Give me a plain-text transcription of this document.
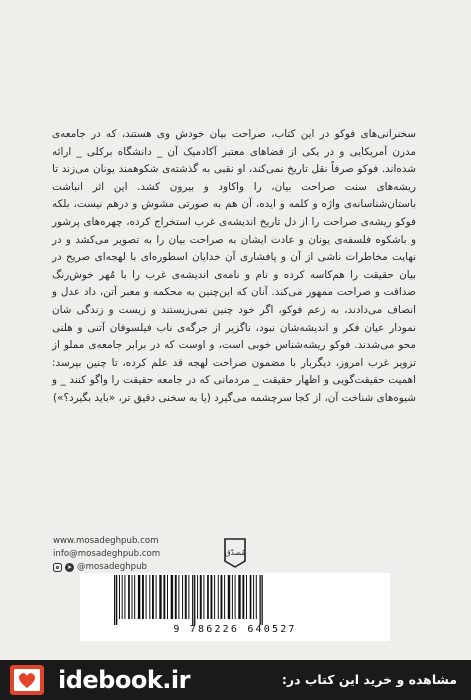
سخنرانی‌های فوکو در این کتاب، صراحت بیان خودش وی هستند، که در جامعه‌ی مدرن آمریکایی و در یکی از فضاهای معتبر آکادمیک آن _ دانشگاه برکلی _ ارائه شده‌اند. فوکو صرفاً نقل تاریخ نمی‌کند، او نقبی به گذشته‌ی شکوهمند یونان می‌زند تا ریشه‌های سنت صراحت بیان، را واکاود و بیرون کشد. این اثر انباشت باستان‌شناسانه‌ی واژه و کلمه و ایده، آن هم به صورتی مشوش و درهم نیست، بلکه فوکو ریشه‌ی صراحت را از دل تاریخ اندیشه‌ی غرب استخراج کرده، چهره‌های پرشور و باشکوه فلسفه‌ی یونان و عادت ایشان به صراحت بیان را به تصویر می‌کشد و در نهایت مخاطرات ناشی از آن و پافشاری آن خدایان اسطوره‌ای با لهجه‌ای صریح در بیان حقیقت را هم‌کاسه کرده و نام و نامه‌ی اندیشه‌ی غرب را با مُهر خوش‌رنگ صداقت و صراحت ممهور می‌کند. آنان که این‌چنین به محکمه و معبر آتن، داد عدل و انصاف می‌دادند، به زعم فوکو، اگر خود چنین نمی‌زیستند و زیست و زندگی شان نمودار عیان فکر و اندیشه‌شان نبود، ناگزیر از جرگه‌ی ناب فیلسوفان آتنی و هلنی محو می‌شدند. فوکو ریشه‌شناس خوبی است، و اوست که در برابر جامعه‌ی مملو از تزویر غرب امروز، دیگربار با مضمون صراحت لهجه قد علم کرده، تا چنین بپرسد: اهمیت حقیقت‌گویی و اظهار حقیقت _ مردمانی که در جامعه حقیقت را واگو کنند _ و شیوه‌های شناخت آن، از کجا سرچشمه می‌گیرد (یا به سخنی دقیق تر، «باید بگیرد؟»)

www.mosadeghpub.com
info@mosadeghpub.com
➤ @mosadeghpub
مُصدّق
9 786226 640527
idebook.ir	مشاهده و خرید این کتاب در:
